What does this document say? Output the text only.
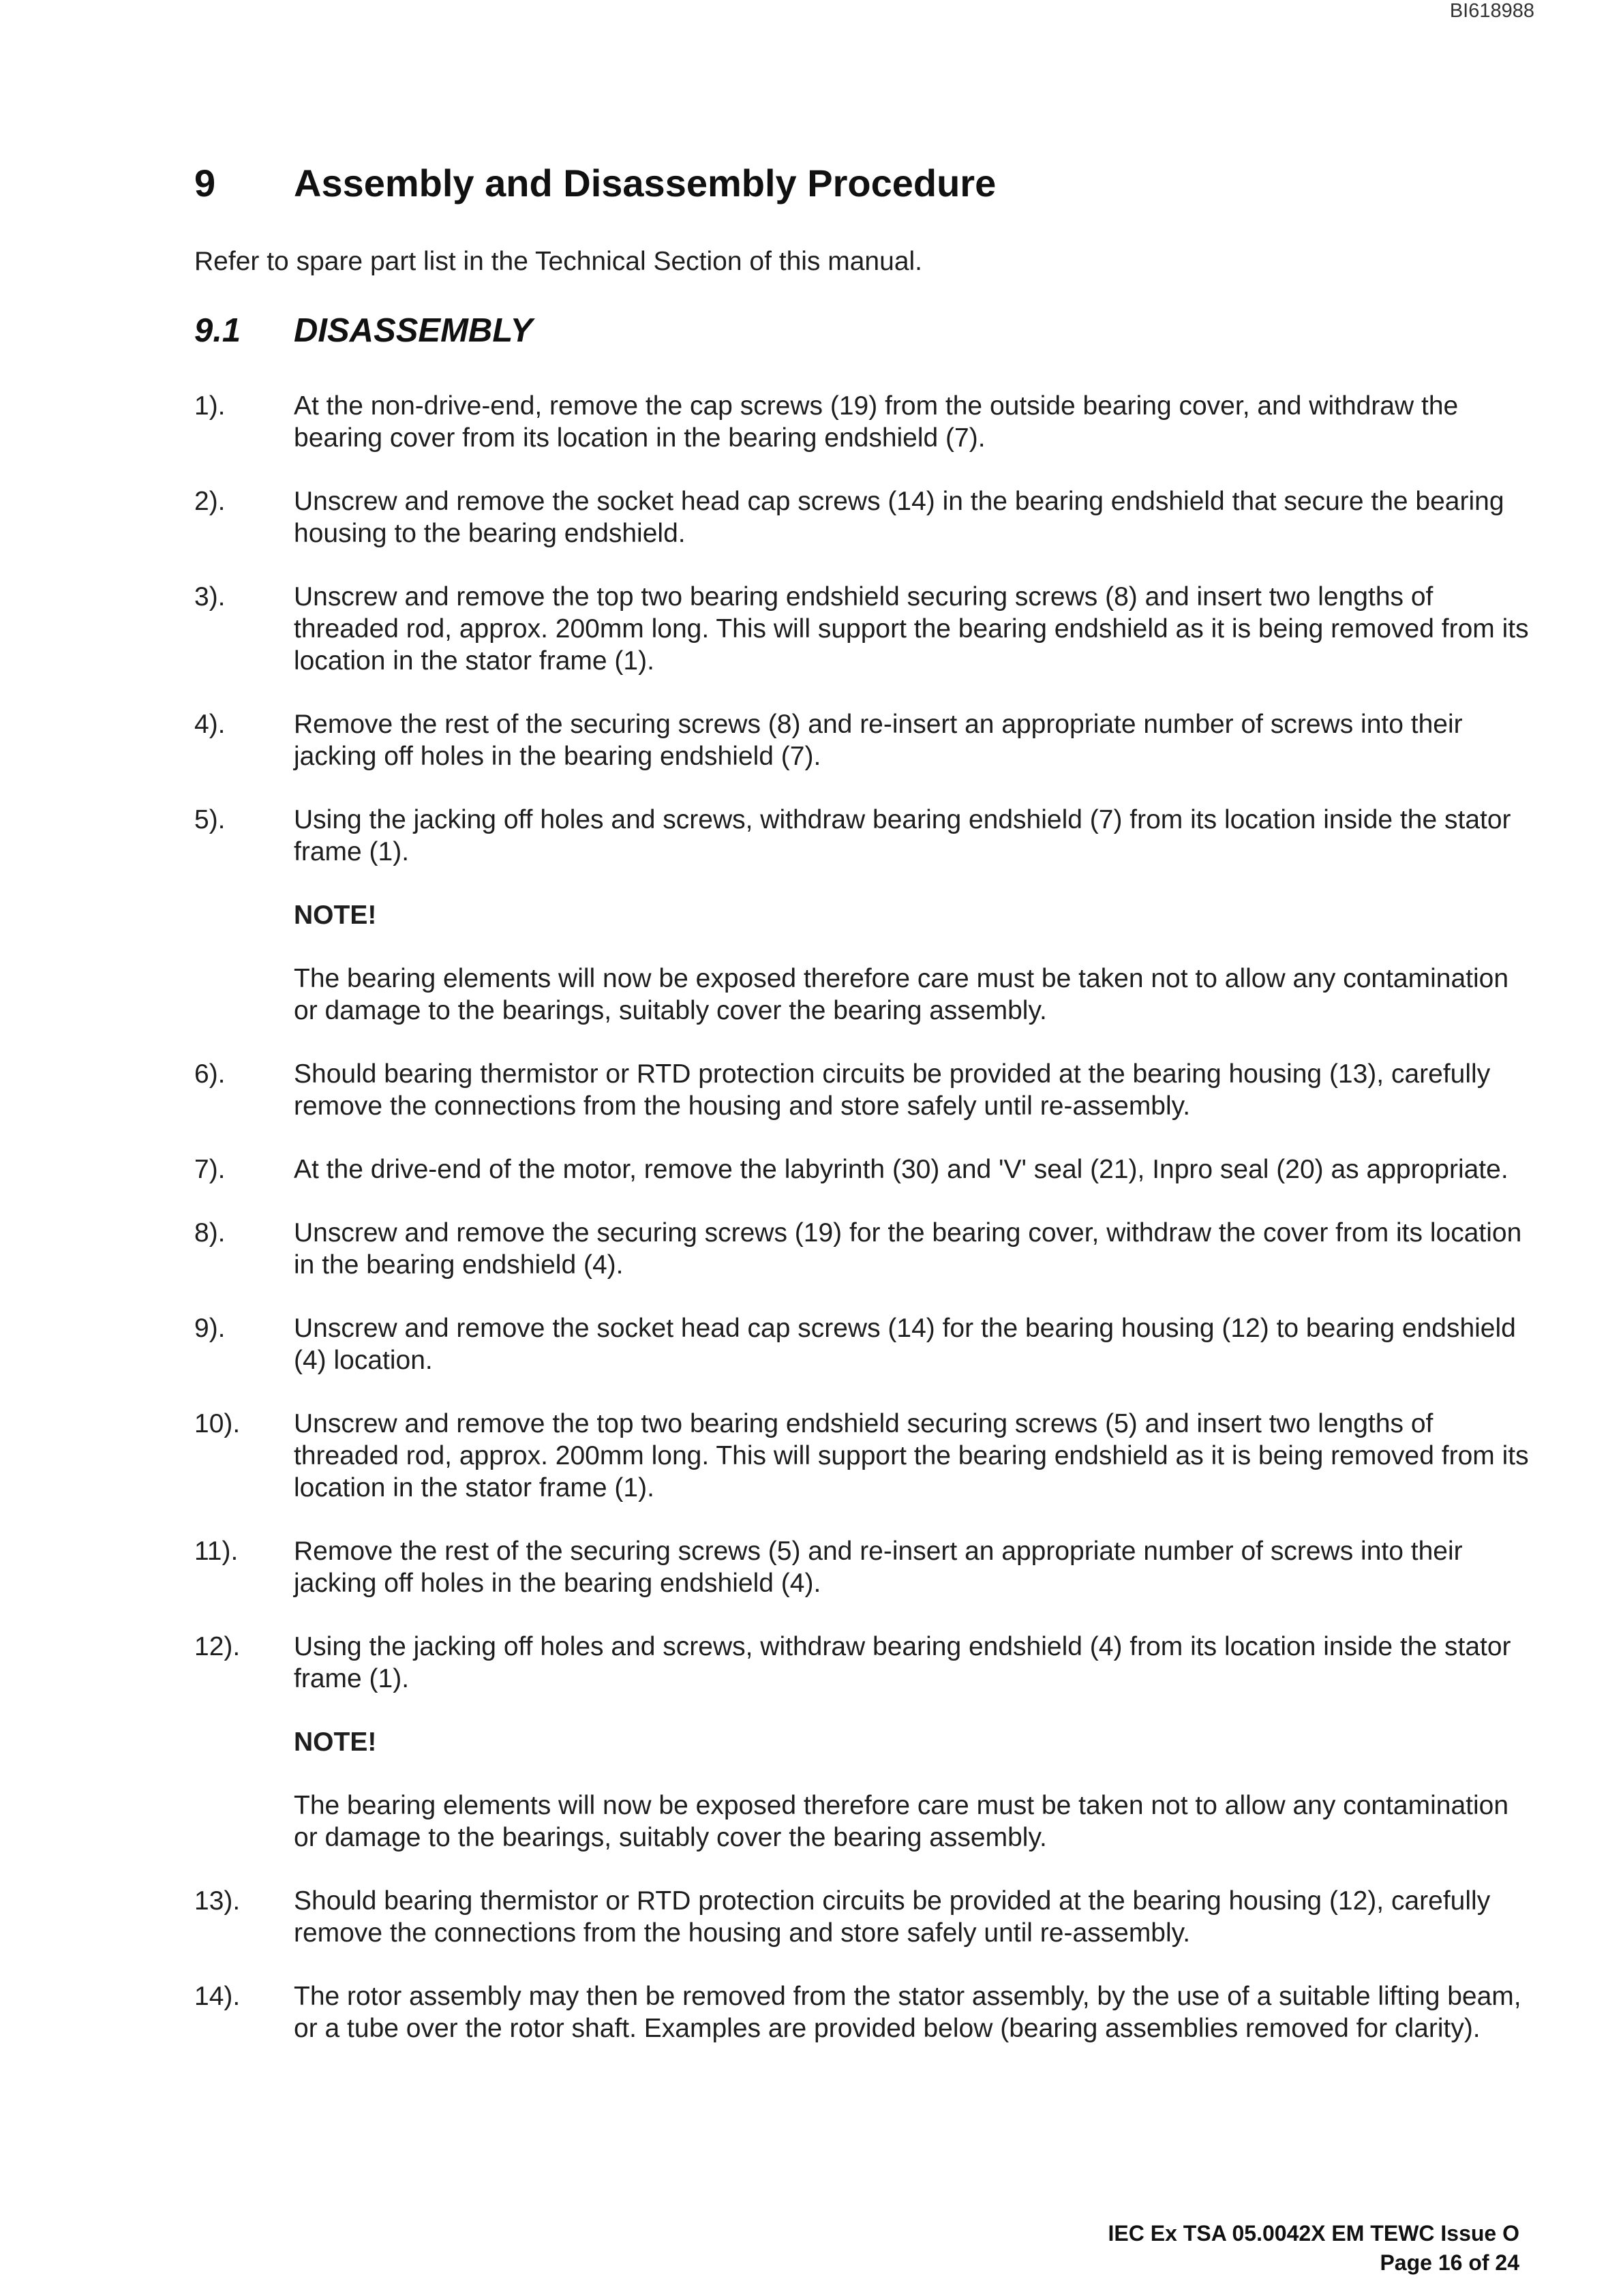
BI618988
9 Assembly and Disassembly Procedure
Refer to spare part list in the Technical Section of this manual.
9.1 DISASSEMBLY
1).	At the non-drive-end, remove the cap screws (19) from the outside bearing cover, and withdraw the bearing cover from its location in the bearing endshield (7).
2).	Unscrew and remove the socket head cap screws (14) in the bearing endshield that secure the bearing housing to the bearing endshield.
3).	Unscrew and remove the top two bearing endshield securing screws (8) and insert two lengths of threaded rod, approx. 200mm long. This will support the bearing endshield as it is being removed from its location in the stator frame (1).
4).	Remove the rest of the securing screws (8) and re-insert an appropriate number of screws into their jacking off holes in the bearing endshield (7).
5).	Using the jacking off holes and screws, withdraw bearing endshield (7) from its location inside the stator frame (1).
NOTE!
The bearing elements will now be exposed therefore care must be taken not to allow any contamination or damage to the bearings, suitably cover the bearing assembly.
6).	Should bearing thermistor or RTD protection circuits be provided at the bearing housing (13), carefully remove the connections from the housing and store safely until re-assembly.
7).	At the drive-end of the motor, remove the labyrinth (30) and 'V' seal (21), Inpro seal (20) as appropriate.
8).	Unscrew and remove the securing screws (19) for the bearing cover, withdraw the cover from its location in the bearing endshield (4).
9).	Unscrew and remove the socket head cap screws (14) for the bearing housing (12) to bearing endshield (4) location.
10).	Unscrew and remove the top two bearing endshield securing screws (5) and insert two lengths of threaded rod, approx. 200mm long. This will support the bearing endshield as it is being removed from its location in the stator frame (1).
11).	Remove the rest of the securing screws (5) and re-insert an appropriate number of screws into their jacking off holes in the bearing endshield (4).
12).	Using the jacking off holes and screws, withdraw bearing endshield (4) from its location inside the stator frame (1).
NOTE!
The bearing elements will now be exposed therefore care must be taken not to allow any contamination or damage to the bearings, suitably cover the bearing assembly.
13).	Should bearing thermistor or RTD protection circuits be provided at the bearing housing (12), carefully remove the connections from the housing and store safely until re-assembly.
14).	The rotor assembly may then be removed from the stator assembly, by the use of a suitable lifting beam, or a tube over the rotor shaft. Examples are provided below (bearing assemblies removed for clarity).
IEC Ex TSA 05.0042X EM TEWC Issue O
Page 16 of 24
